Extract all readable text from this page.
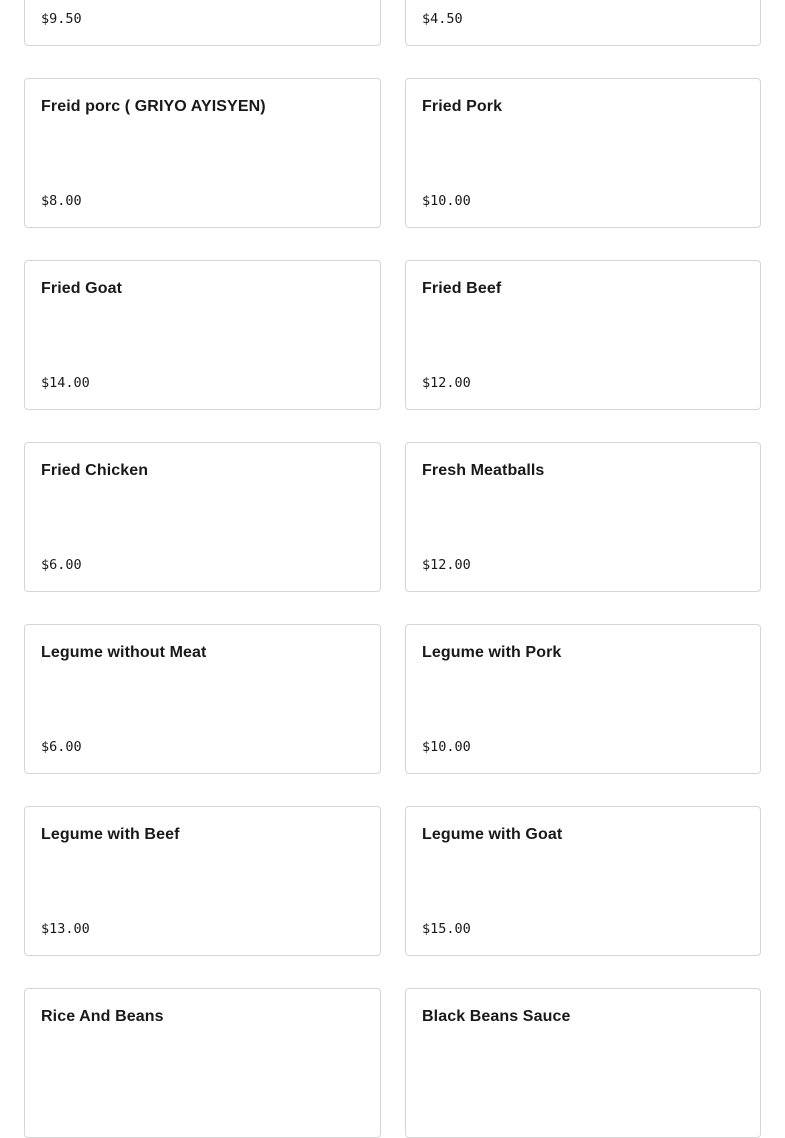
$9.50	$4.50
Freid porc ( GRIYO AYISYEN)
$8.00
Fried Pork
$10.00
Fried Goat
$14.00
Fried Beef
$12.00
Fried Chicken
$6.00
Fresh Meatballs
$12.00
Legume without Meat
$6.00
Legume with Pork
$10.00
Legume with Beef
$13.00
Legume with Goat
$15.00
Rice And Beans	Black Beans Sauce
